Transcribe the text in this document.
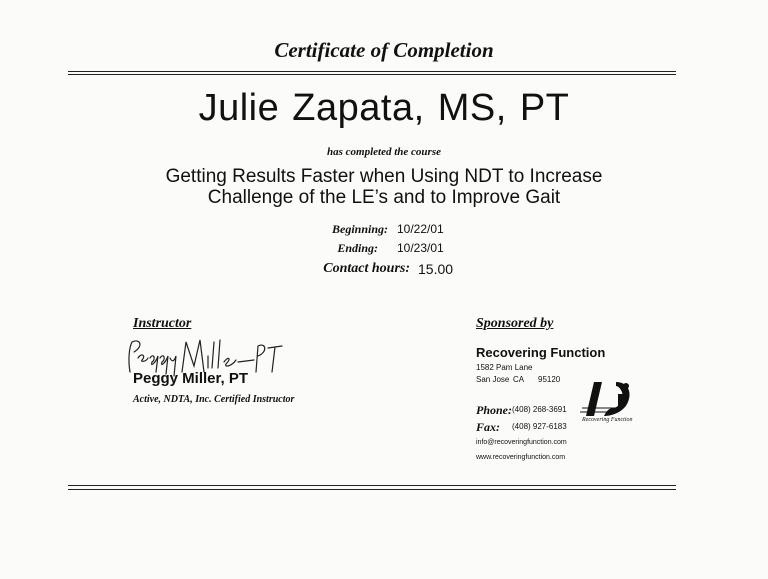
Certificate of Completion
Julie Zapata, MS, PT
has completed the course
Getting Results Faster when Using NDT to Increase
Challenge of the LE’s and to Improve Gait
Beginning: 10/22/01
Ending: 10/23/01
Contact hours: 15.00
Instructor
Peggy Miller, PT
Active, NDTA, Inc. Certified Instructor
Sponsored by
Recovering Function
1582 Pam Lane
San Jose CA 95120
Recovering Function
Phone: (408) 268-3691
Fax: (408) 927-6183
info@recoveringfunction.com
www.recoveringfunction.com
